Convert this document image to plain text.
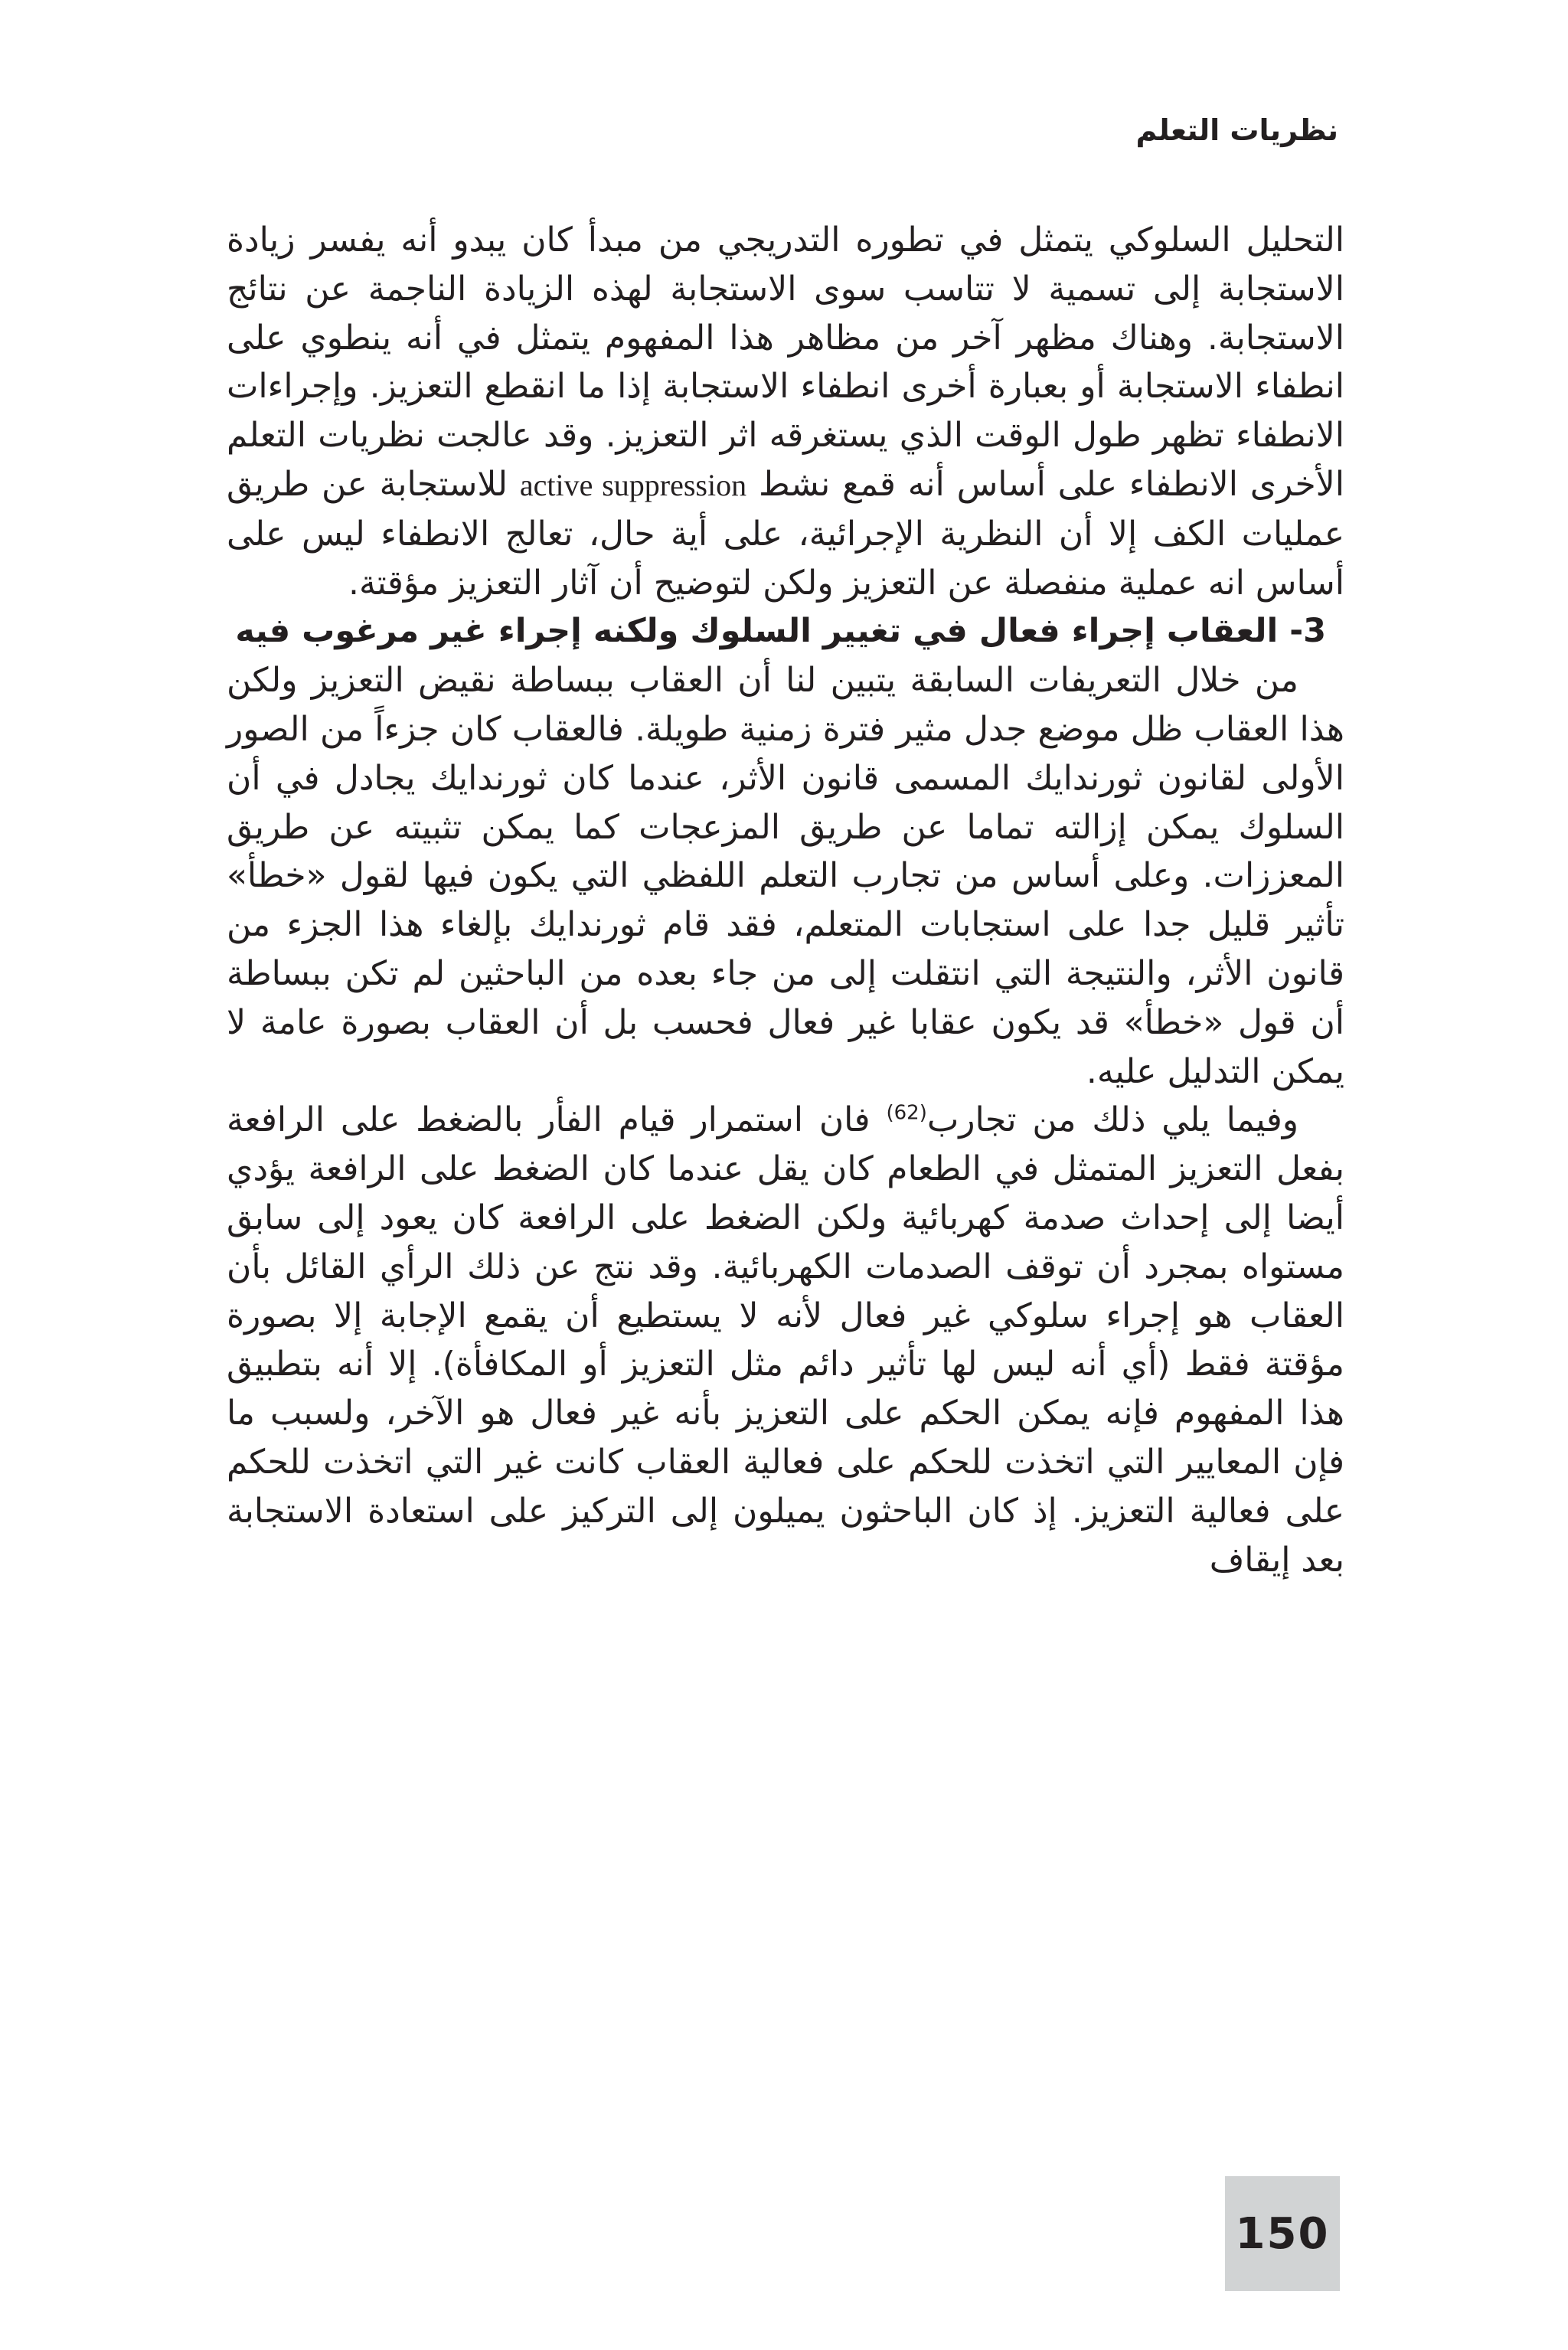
نظريات التعلم

التحليل السلوكي يتمثل في تطوره التدريجي من مبدأ كان يبدو أنه يفسر زيادة الاستجابة إلى تسمية لا تتاسب سوى الاستجابة لهذه الزيادة الناجمة عن نتائج الاستجابة. وهناك مظهر آخر من مظاهر هذا المفهوم يتمثل في أنه ينطوي على انطفاء الاستجابة أو بعبارة أخرى انطفاء الاستجابة إذا ما انقطع التعزيز. وإجراءات الانطفاء تظهر طول الوقت الذي يستغرقه اثر التعزيز. وقد عالجت نظريات التعلم الأخرى الانطفاء على أساس أنه قمع نشط active suppression للاستجابة عن طريق عمليات الكف إلا أن النظرية الإجرائية، على أية حال، تعالج الانطفاء ليس على أساس انه عملية منفصلة عن التعزيز ولكن لتوضيح أن آثار التعزيز مؤقتة.

3- العقاب إجراء فعال في تغيير السلوك ولكنه إجراء غير مرغوب فيه

من خلال التعريفات السابقة يتبين لنا أن العقاب ببساطة نقيض التعزيز ولكن هذا العقاب ظل موضع جدل مثير فترة زمنية طويلة. فالعقاب كان جزءاً من الصور الأولى لقانون ثورندايك المسمى قانون الأثر، عندما كان ثورندايك يجادل في أن السلوك يمكن إزالته تماما عن طريق المزعجات كما يمكن تثبيته عن طريق المعززات. وعلى أساس من تجارب التعلم اللفظي التي يكون فيها لقول «خطأ» تأثير قليل جدا على استجابات المتعلم، فقد قام ثورندايك بإلغاء هذا الجزء من قانون الأثر، والنتيجة التي انتقلت إلى من جاء بعده من الباحثين لم تكن ببساطة أن قول «خطأ» قد يكون عقابا غير فعال فحسب بل أن العقاب بصورة عامة لا يمكن التدليل عليه.

وفيما يلي ذلك من تجارب$^{(62)}$ فان استمرار قيام الفأر بالضغط على الرافعة بفعل التعزيز المتمثل في الطعام كان يقل عندما كان الضغط على الرافعة يؤدي أيضا إلى إحداث صدمة كهربائية ولكن الضغط على الرافعة كان يعود إلى سابق مستواه بمجرد أن توقف الصدمات الكهربائية. وقد نتج عن ذلك الرأي القائل بأن العقاب هو إجراء سلوكي غير فعال لأنه لا يستطيع أن يقمع الإجابة إلا بصورة مؤقتة فقط (أي أنه ليس لها تأثير دائم مثل التعزيز أو المكافأة). إلا أنه بتطبيق هذا المفهوم فإنه يمكن الحكم على التعزيز بأنه غير فعال هو الآخر، ولسبب ما فإن المعايير التي اتخذت للحكم على فعالية العقاب كانت غير التي اتخذت للحكم على فعالية التعزيز. إذ كان الباحثون يميلون إلى التركيز على استعادة الاستجابة بعد إيقاف

150
